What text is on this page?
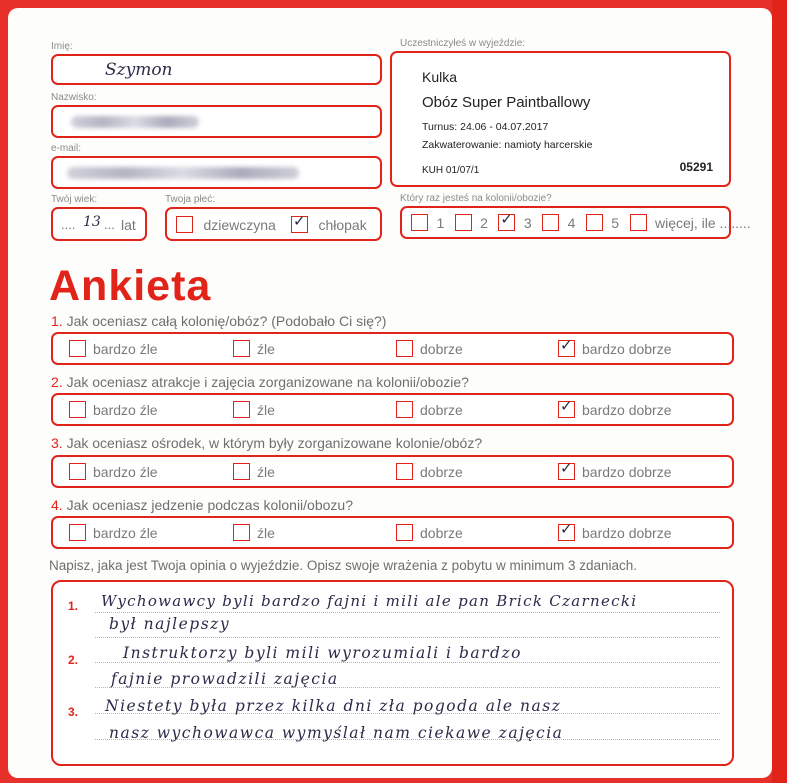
Imię:
Szymon
Nazwisko:
e-mail:
Twój wiek:
.... 13 ... lat
Twoja płeć:
dziewczyna ✓ chłopak
Uczestniczyłeś w wyjeździe:
Kulka
Obóz Super Paintballowy
Turnus: 24.06 - 04.07.2017
Zakwaterowanie: namioty harcerskie
KUH 01/07/1	05291
Który raz jesteś na kolonii/obozie?
1	2 ✓ 3	4	5	więcej, ile ........
Ankieta
1. Jak oceniasz całą kolonię/obóz? (Podobało Ci się?)
bardzo źle	źle	dobrze	✓ bardzo dobrze
2. Jak oceniasz atrakcje i zajęcia zorganizowane na kolonii/obozie?
bardzo źle	źle	dobrze	✓ bardzo dobrze
3. Jak oceniasz ośrodek, w którym były zorganizowane kolonie/obóz?
bardzo źle	źle	dobrze	✓ bardzo dobrze
4. Jak oceniasz jedzenie podczas kolonii/obozu?
bardzo źle	źle	dobrze	✓ bardzo dobrze
Napisz, jaka jest Twoja opinia o wyjeździe. Opisz swoje wrażenia z pobytu w minimum 3 zdaniach.
1.
2.
3.
Wychowawcy byli bardzo fajni i mili ale pan Brick Czarnecki
był najlepszy
Instruktorzy byli mili wyrozumiali i bardzo
fajnie prowadzili zajęcia
Niestety była przez kilka dni zła pogoda ale nasz
nasz wychowawca wymyślał nam ciekawe zajęcia
